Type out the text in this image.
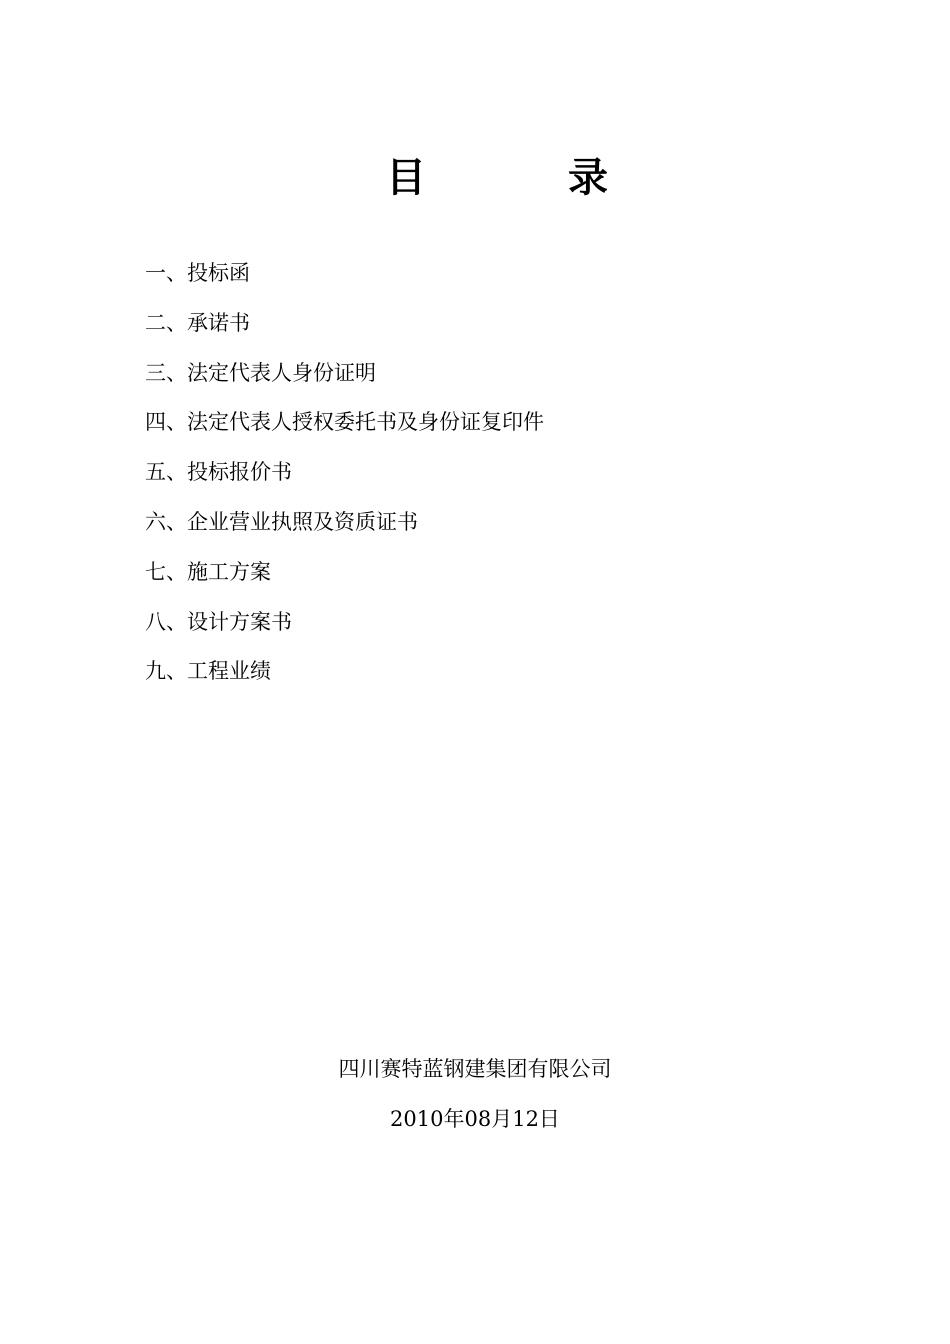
目	录
一、投标函
二、承诺书
三、法定代表人身份证明
四、法定代表人授权委托书及身份证复印件
五、投标报价书
六、企业营业执照及资质证书
七、施工方案
八、设计方案书
九、工程业绩
四川赛特蓝钢建集团有限公司
2010年08月12日
